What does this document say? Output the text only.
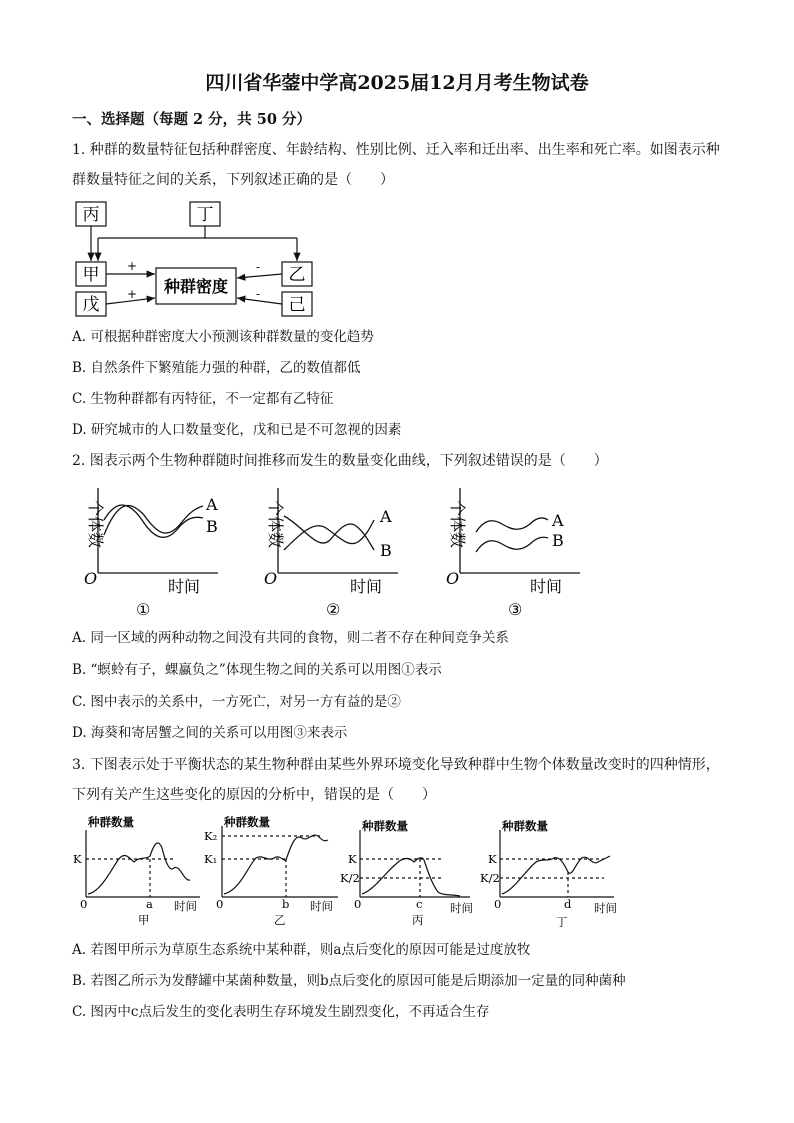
四川省华蓥中学高2025届12月月考生物试卷
一、选择题（每题 2 分，共 50 分）
1. 种群的数量特征包括种群密度、年龄结构、性别比例、迁入率和迁出率、出生率和死亡率。如图表示种
群数量特征之间的关系，下列叙述正确的是（　　）
丙	丁
甲
戊
乙
己
种群密度
+
+
-
-
A. 可根据种群密度大小预测该种群数量的变化趋势
B. 自然条件下繁殖能力强的种群，乙的数值都低
C. 生物种群都有丙特征，不一定都有乙特征
D. 研究城市的人口数量变化，戊和已是不可忽视的因素
2. 图表示两个生物种群随时间推移而发生的数量变化曲线，下列叙述错误的是（　　）
个体数
时间
O
A
B
①
个体数
时间
O
A
B
②
个体数
时间
O
A
B
③
A. 同一区域的两种动物之间没有共同的食物，则二者不存在种间竞争关系
B. “螟蛉有子，蜾蠃负之”体现生物之间的关系可以用图①表示
C. 图中表示的关系中，一方死亡，对另一方有益的是②
D. 海葵和寄居蟹之间的关系可以用图③来表示
3. 下图表示处于平衡状态的某生物种群由某些外界环境变化导致种群中生物个体数量改变时的四种情形，
下列有关产生这些变化的原因的分析中，错误的是（　　）
种群数量
K
0	a 时间
甲
种群数量
K₂
K₁
0	b 时间
乙
种群数量
K
K/2
0	c 时间
丙
种群数量
K
K/2
0	d 时间
丁
A. 若图甲所示为草原生态系统中某种群，则a点后变化的原因可能是过度放牧
B. 若图乙所示为发酵罐中某菌种数量，则b点后变化的原因可能是后期添加一定量的同种菌种
C. 图丙中c点后发生的变化表明生存环境发生剧烈变化，不再适合生存
